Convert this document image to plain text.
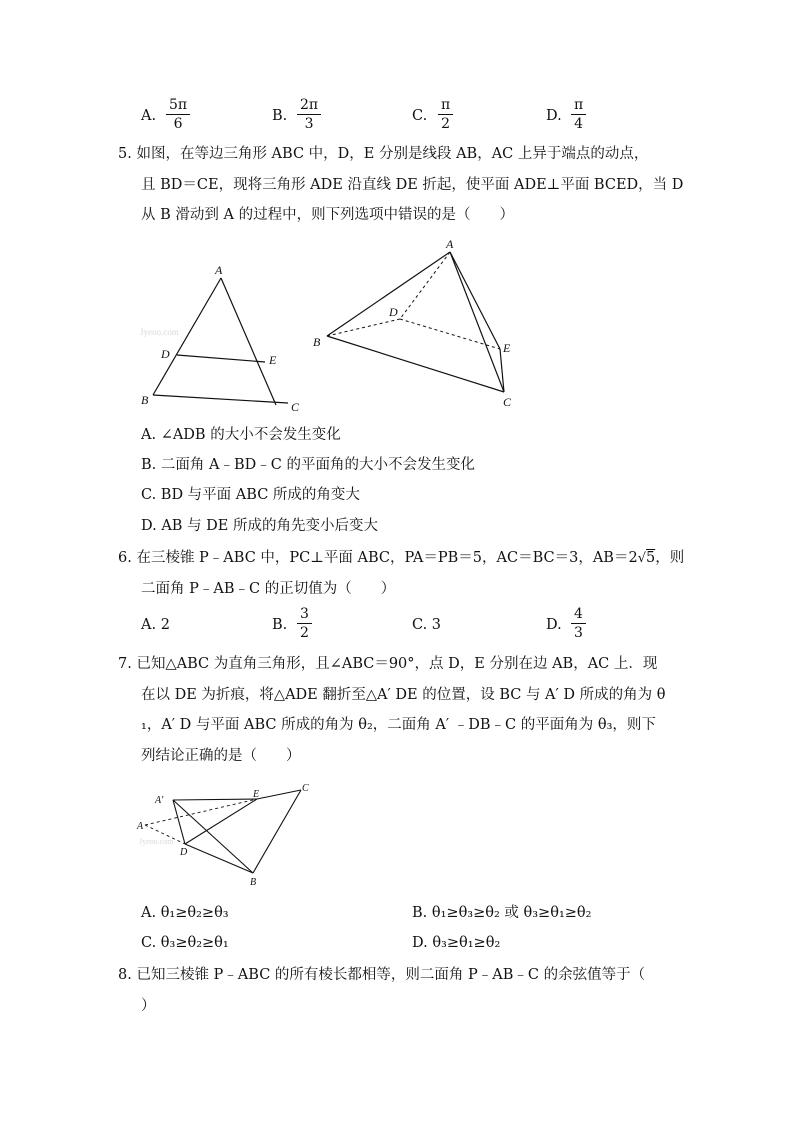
A. $\frac{5\pi}{6}$	B. $\frac{2\pi}{3}$	C. $\frac{\pi}{2}$	D. $\frac{\pi}{4}$
5. 如图，在等边三角形 ABC 中，D，E 分别是线段 AB，AC 上异于端点的动点，
且 BD＝CE，现将三角形 ADE 沿直线 DE 折起，使平面 ADE⊥平面 BCED，当 D
从 B 滑动到 A 的过程中，则下列选项中错误的是（　　）
A
D	E
B	C
Jyeoo.com
A
D
E
B
C
A. ∠ADB 的大小不会发生变化
B. 二面角 A﹣BD﹣C 的平面角的大小不会发生变化
C. BD 与平面 ABC 所成的角变大
D. AB 与 DE 所成的角先变小后变大
6. 在三棱锥 P﹣ABC 中，PC⊥平面 ABC，PA＝PB＝5，AC＝BC＝3，AB＝2√5，则
二面角 P﹣AB﹣C 的正切值为（　　）
A. 2	B. $\frac{3}{2}$	C. 3	D. $\frac{4}{3}$
7. 已知△ABC 为直角三角形，且∠ABC＝90°，点 D，E 分别在边 AB，AC 上．现
在以 DE 为折痕，将△ADE 翻折至△A′ DE 的位置，设 BC 与 A′ D 所成的角为 θ
₁，A′ D 与平面 ABC 所成的角为 θ₂，二面角 A′ ﹣DB﹣C 的平面角为 θ₃，则下
列结论正确的是（　　）
A'
A
E
C
D
B
Jyeoo.com
A. θ₁≥θ₂≥θ₃	B. θ₁≥θ₃≥θ₂ 或 θ₃≥θ₁≥θ₂
C. θ₃≥θ₂≥θ₁	D. θ₃≥θ₁≥θ₂
8. 已知三棱锥 P﹣ABC 的所有棱长都相等，则二面角 P﹣AB﹣C 的余弦值等于（
）
